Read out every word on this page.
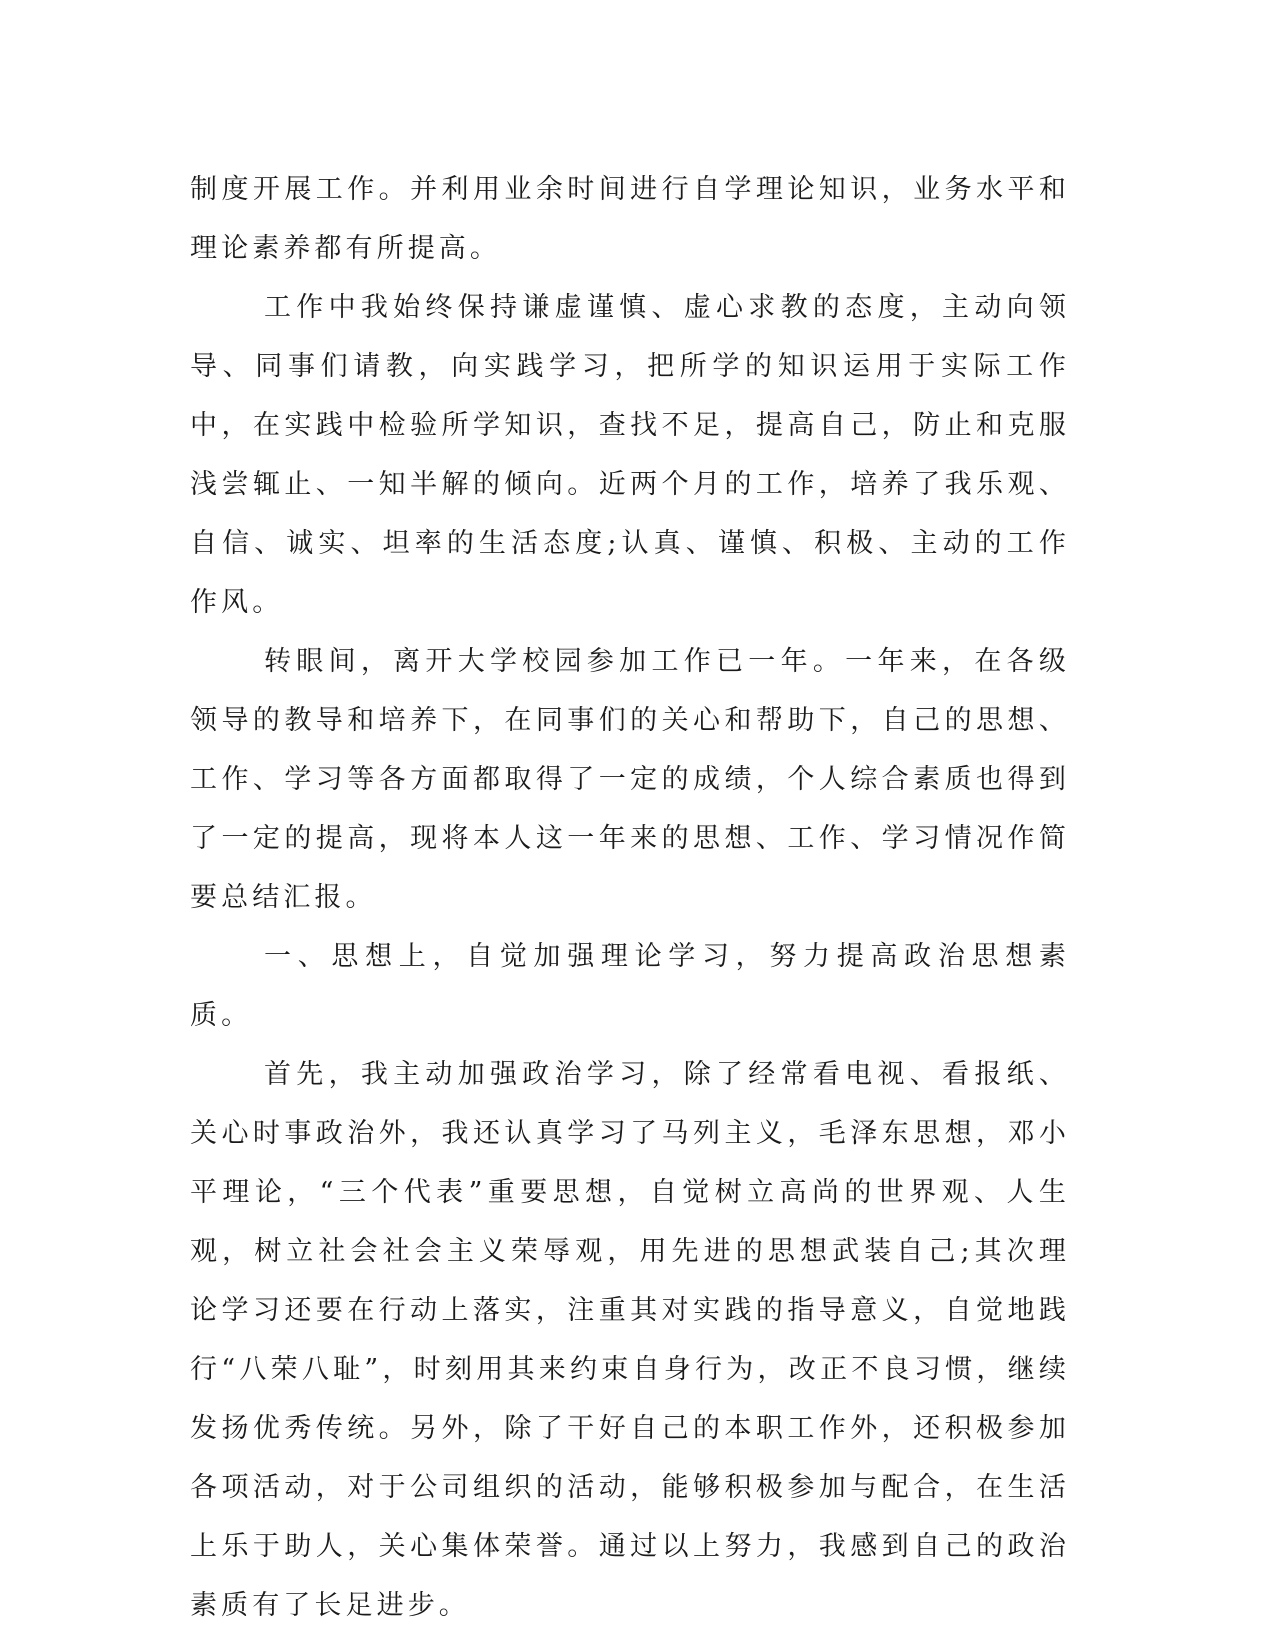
制度开展工作。并利用业余时间进行自学理论知识，业务水平和理论素养都有所提高。

工作中我始终保持谦虚谨慎、虚心求教的态度，主动向领导、同事们请教，向实践学习，把所学的知识运用于实际工作中，在实践中检验所学知识，查找不足，提高自己，防止和克服浅尝辄止、一知半解的倾向。近两个月的工作，培养了我乐观、自信、诚实、坦率的生活态度;认真、谨慎、积极、主动的工作作风。

转眼间，离开大学校园参加工作已一年。一年来，在各级领导的教导和培养下，在同事们的关心和帮助下，自己的思想、工作、学习等各方面都取得了一定的成绩，个人综合素质也得到了一定的提高，现将本人这一年来的思想、工作、学习情况作简要总结汇报。

一、思想上，自觉加强理论学习，努力提高政治思想素质。

首先，我主动加强政治学习，除了经常看电视、看报纸、关心时事政治外，我还认真学习了马列主义，毛泽东思想，邓小平理论，“三个代表”重要思想，自觉树立高尚的世界观、人生观，树立社会社会主义荣辱观，用先进的思想武装自己;其次理论学习还要在行动上落实，注重其对实践的指导意义，自觉地践行“八荣八耻”，时刻用其来约束自身行为，改正不良习惯，继续发扬优秀传统。另外，除了干好自己的本职工作外，还积极参加各项活动，对于公司组织的活动，能够积极参加与配合，在生活上乐于助人，关心集体荣誉。通过以上努力，我感到自己的政治素质有了长足进步。
